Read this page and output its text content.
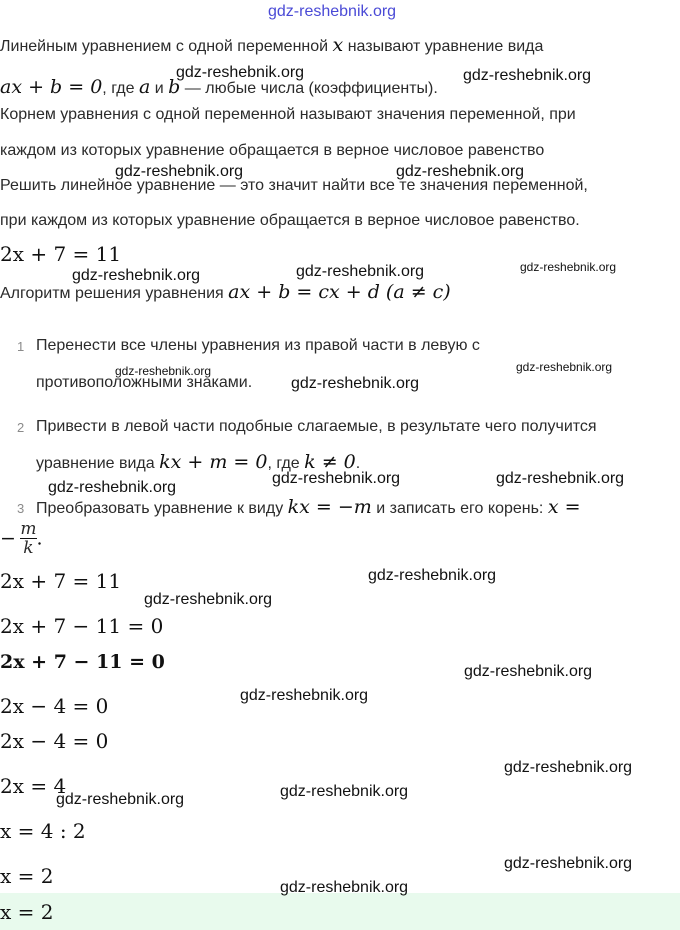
gdz-reshebnik.org
Линейным уравнением с одной переменной x называют уравнение вида
ax + b = 0, где a и b — любые числа (коэффициенты).
Корнем уравнения с одной переменной называют значения переменной, при
каждом из которых уравнение обращается в верное числовое равенство
Решить линейное уравнение — это значит найти все те значения переменной,
при каждом из которых уравнение обращается в верное числовое равенство.
2x + 7 = 11
Алгоритм решения уравнения ax + b = cx + d (a ≠ c)
1 Перенести все члены уравнения из правой части в левую с
противоположными знаками.
2 Привести в левой части подобные слагаемые, в результате чего получится
уравнение вида kx + m = 0, где k ≠ 0.
3 Преобразовать уравнение к виду kx = −m и записать его корень: x =
− $\frac{m}{k}$ .
2x + 7 = 11
2x + 7 − 11 = 0
2x + 7 − 11 = 0
2x − 4 = 0
2x − 4 = 0
2x = 4
x = 4 : 2
x = 2
x = 2
gdz-reshebnik.org	gdz-reshebnik.org
gdz-reshebnik.org	gdz-reshebnik.org
gdz-reshebnik.org	gdz-reshebnik.org	gdz-reshebnik.org
gdz-reshebnik.org
gdz-reshebnik.org
gdz-reshebnik.org
gdz-reshebnik.org
gdz-reshebnik.org	gdz-reshebnik.org
gdz-reshebnik.org
gdz-reshebnik.org
gdz-reshebnik.org
gdz-reshebnik.org
gdz-reshebnik.org
gdz-reshebnik.org
gdz-reshebnik.org
gdz-reshebnik.org
gdz-reshebnik.org
